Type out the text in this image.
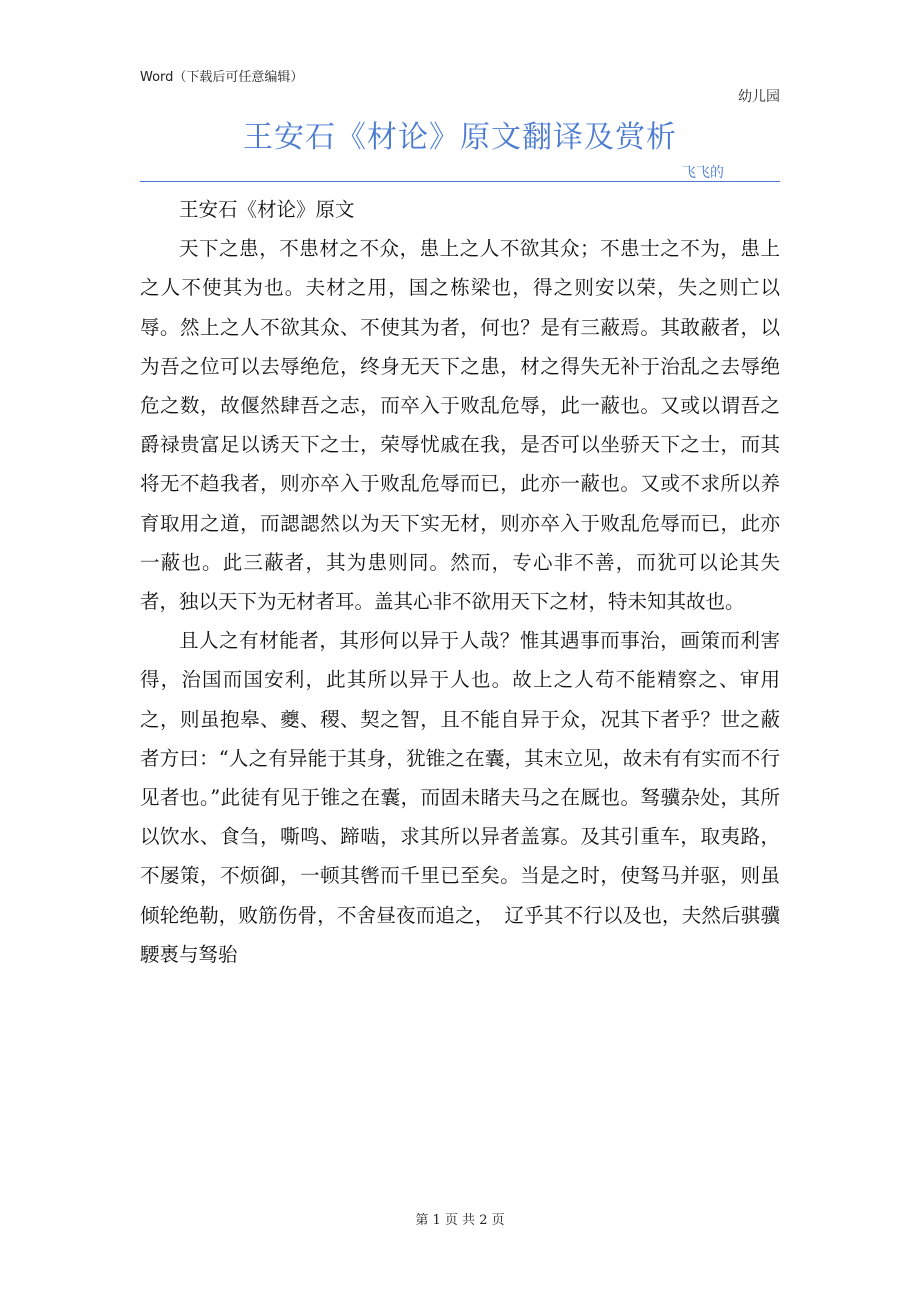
Word（下载后可任意编辑）
幼儿园
王安石《材论》原文翻译及赏析
飞飞的

王安石《材论》原文

天下之患，不患材之不众，患上之人不欲其众；不患士之不为，患上之人不使其为也。夫材之用，国之栋梁也，得之则安以荣，失之则亡以辱。然上之人不欲其众、不使其为者，何也？是有三蔽焉。其敢蔽者，以为吾之位可以去辱绝危，终身无天下之患，材之得失无补于治乱之去辱绝危之数，故偃然肆吾之志，而卒入于败乱危辱，此一蔽也。又或以谓吾之爵禄贵富足以诱天下之士，荣辱忧戚在我，是否可以坐骄天下之士，而其将无不趋我者，则亦卒入于败乱危辱而已，此亦一蔽也。又或不求所以养育取用之道，而諰諰然以为天下实无材，则亦卒入于败乱危辱而已，此亦一蔽也。此三蔽者，其为患则同。然而，专心非不善，而犹可以论其失者，独以天下为无材者耳。盖其心非不欲用天下之材，特未知其故也。

且人之有材能者，其形何以异于人哉？惟其遇事而事治，画策而利害得，治国而国安利，此其所以异于人也。故上之人苟不能精察之、审用之，则虽抱皋、夔、稷、契之智，且不能自异于众，况其下者乎？世之蔽者方曰：“人之有异能于其身，犹锥之在囊，其末立见，故未有有实而不行见者也。”此徒有见于锥之在囊，而固未睹夫马之在厩也。驽骥杂处，其所以饮水、食刍，嘶鸣、蹄啮，求其所以异者盖寡。及其引重车，取夷路，不屡策，不烦御，一顿其辔而千里已至矣。当是之时，使驽马并驱，则虽倾轮绝勒，败筋伤骨，不舍昼夜而追之，　辽乎其不行以及也，夫然后骐骥騕褭与驽骀

第 1 页 共 2 页
